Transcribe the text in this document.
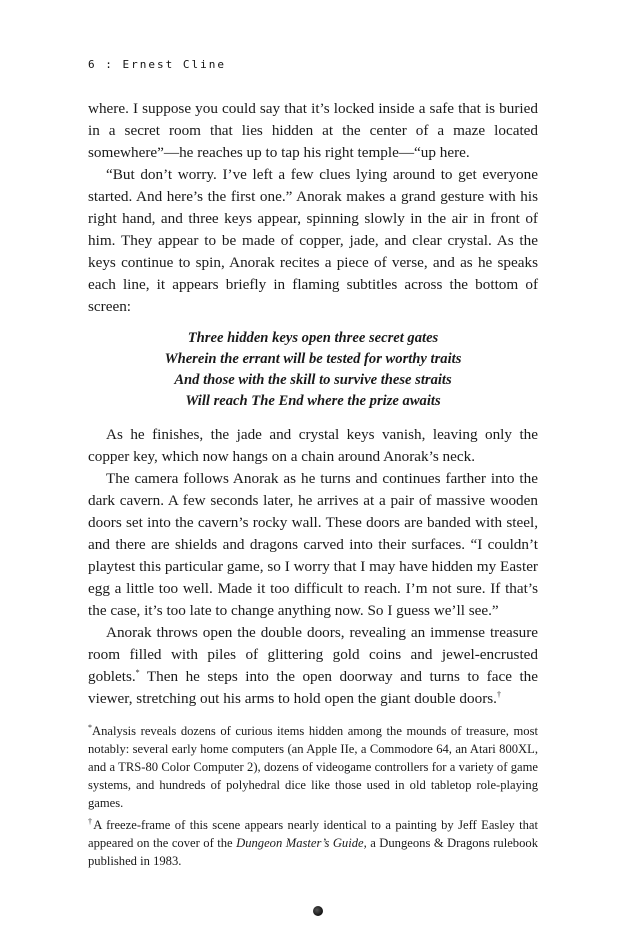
6 : Ernest Cline

where. I suppose you could say that it’s locked inside a safe that is buried in a secret room that lies hidden at the center of a maze located somewhere”—he reaches up to tap his right temple—“up here.

“But don’t worry. I’ve left a few clues lying around to get everyone started. And here’s the first one.” Anorak makes a grand gesture with his right hand, and three keys appear, spinning slowly in the air in front of him. They appear to be made of copper, jade, and clear crystal. As the keys continue to spin, Anorak recites a piece of verse, and as he speaks each line, it appears briefly in flaming subtitles across the bottom of screen:

Three hidden keys open three secret gates
Wherein the errant will be tested for worthy traits
And those with the skill to survive these straits
Will reach The End where the prize awaits

As he finishes, the jade and crystal keys vanish, leaving only the copper key, which now hangs on a chain around Anorak’s neck.

The camera follows Anorak as he turns and continues farther into the dark cavern. A few seconds later, he arrives at a pair of massive wooden doors set into the cavern’s rocky wall. These doors are banded with steel, and there are shields and dragons carved into their surfaces. “I couldn’t playtest this particular game, so I worry that I may have hidden my Easter egg a little too well. Made it too difficult to reach. I’m not sure. If that’s the case, it’s too late to change anything now. So I guess we’ll see.”

Anorak throws open the double doors, revealing an immense treasure room filled with piles of glittering gold coins and jewel-encrusted goblets.* Then he steps into the open doorway and turns to face the viewer, stretching out his arms to hold open the giant double doors.†

*Analysis reveals dozens of curious items hidden among the mounds of treasure, most notably: several early home computers (an Apple IIe, a Commodore 64, an Atari 800XL, and a TRS-80 Color Computer 2), dozens of videogame controllers for a variety of game systems, and hundreds of polyhedral dice like those used in old tabletop role-playing games.

†A freeze-frame of this scene appears nearly identical to a painting by Jeff Easley that appeared on the cover of the Dungeon Master’s Guide, a Dungeons & Dragons rulebook published in 1983.
